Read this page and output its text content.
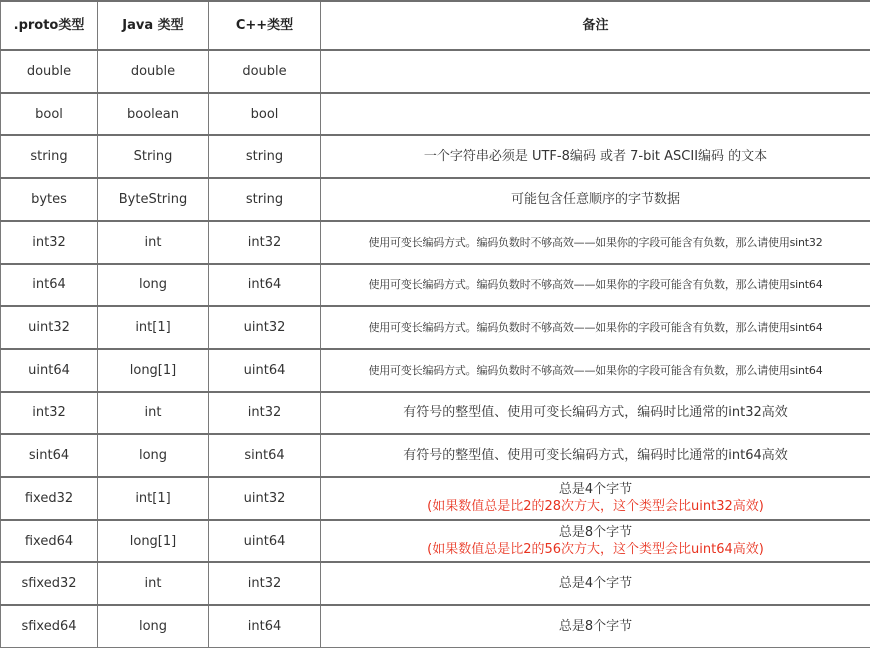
.proto类型	Java 类型	C++类型	备注
double	double	double	

bool	boolean	bool	

string	String	string	一个字符串必须是 UTF-8编码 或者 7-bit ASCII编码 的文本

bytes	ByteString	string	可能包含任意顺序的字节数据

int32	int	int32	使用可变长编码方式。编码负数时不够高效——如果你的字段可能含有负数，那么请使用sint32

int64	long	int64	使用可变长编码方式。编码负数时不够高效——如果你的字段可能含有负数，那么请使用sint64

uint32	int[1]	uint32	使用可变长编码方式。编码负数时不够高效——如果你的字段可能含有负数，那么请使用sint64

uint64	long[1]	uint64	使用可变长编码方式。编码负数时不够高效——如果你的字段可能含有负数，那么请使用sint64

int32	int	int32	有符号的整型值、使用可变长编码方式，编码时比通常的int32高效

sint64	long	sint64	有符号的整型值、使用可变长编码方式，编码时比通常的int64高效

fixed32	int[1]	uint32	总是4个字节
(如果数值总是比2的28次方大，这个类型会比uint32高效)

fixed64	long[1]	uint64	总是8个字节
(如果数值总是比2的56次方大，这个类型会比uint64高效)

sfixed32	int	int32	总是4个字节

sfixed64	long	int64	总是8个字节
